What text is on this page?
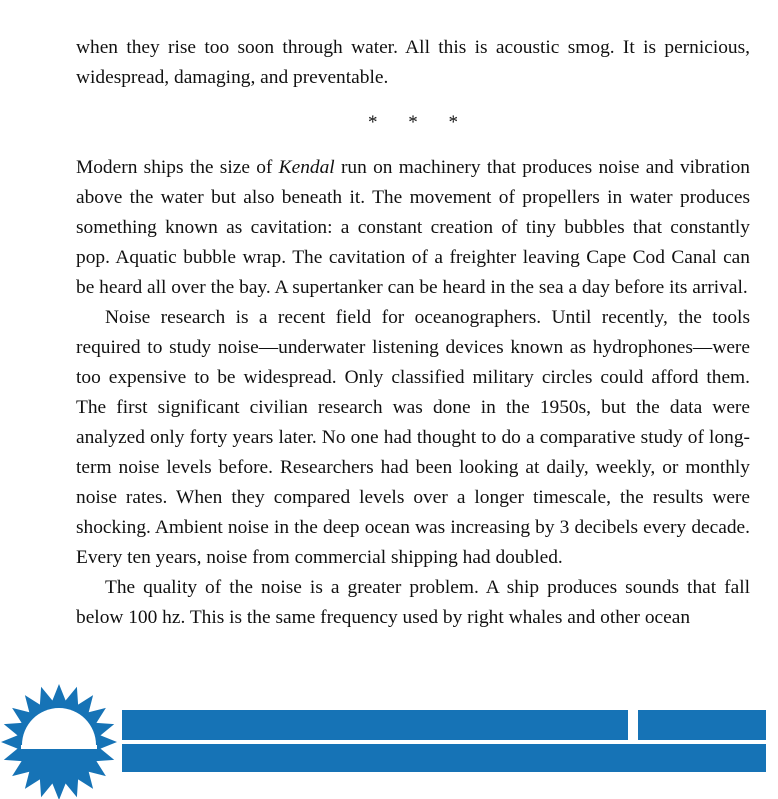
when they rise too soon through water. All this is acoustic smog. It is pernicious, widespread, damaging, and preventable.

* * *

Modern ships the size of Kendal run on machinery that produces noise and vibration above the water but also beneath it. The movement of propellers in water produces something known as cavitation: a constant creation of tiny bubbles that constantly pop. Aquatic bubble wrap. The cavitation of a freighter leaving Cape Cod Canal can be heard all over the bay. A supertanker can be heard in the sea a day before its arrival.

Noise research is a recent field for oceanographers. Until recently, the tools required to study noise—underwater listening devices known as hydrophones—were too expensive to be widespread. Only classified military circles could afford them. The first significant civilian research was done in the 1950s, but the data were analyzed only forty years later. No one had thought to do a comparative study of long-term noise levels before. Researchers had been looking at daily, weekly, or monthly noise rates. When they compared levels over a longer timescale, the results were shocking. Ambient noise in the deep ocean was increasing by 3 decibels every decade. Every ten years, noise from commercial shipping had doubled.

The quality of the noise is a greater problem. A ship produces sounds that fall below 100 hz. This is the same frequency used by right whales and other ocean
